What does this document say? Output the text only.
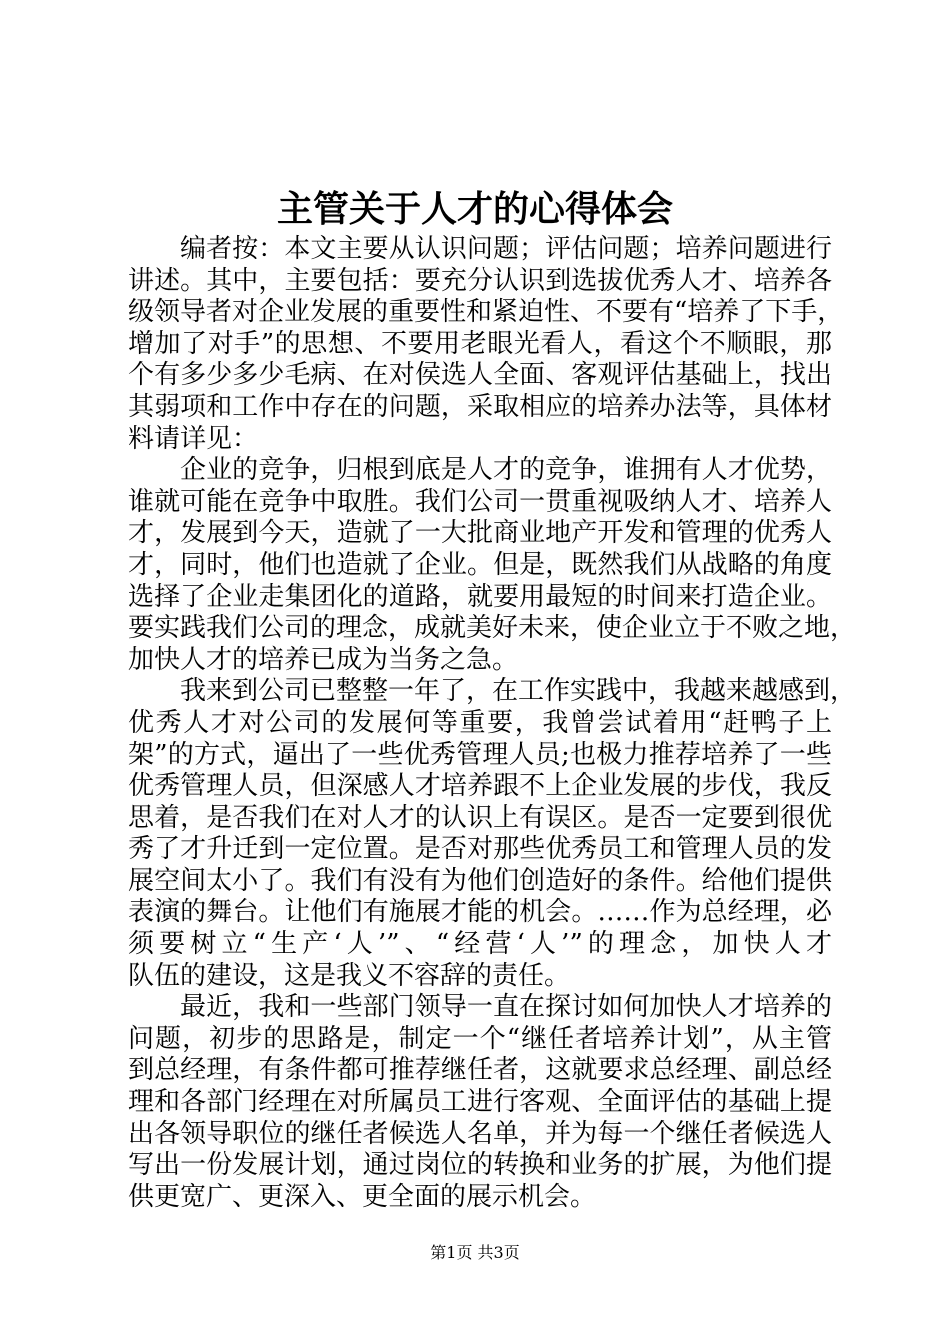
主管关于人才的心得体会
编者按：本文主要从认识问题；评估问题；培养问题进行
讲述。其中，主要包括：要充分认识到选拔优秀人才、培养各
级领导者对企业发展的重要性和紧迫性、不要有“培养了下手，
增加了对手”的思想、不要用老眼光看人，看这个不顺眼，那
个有多少多少毛病、在对侯选人全面、客观评估基础上，找出
其弱项和工作中存在的问题，采取相应的培养办法等，具体材
料请详见：
企业的竞争，归根到底是人才的竞争，谁拥有人才优势，
谁就可能在竞争中取胜。我们公司一贯重视吸纳人才、培养人
才，发展到今天，造就了一大批商业地产开发和管理的优秀人
才，同时，他们也造就了企业。但是，既然我们从战略的角度
选择了企业走集团化的道路，就要用最短的时间来打造企业。
要实践我们公司的理念，成就美好未来，使企业立于不败之地，
加快人才的培养已成为当务之急。
我来到公司已整整一年了，在工作实践中，我越来越感到，
优秀人才对公司的发展何等重要，我曾尝试着用“赶鸭子上
架”的方式，逼出了一些优秀管理人员;也极力推荐培养了一些
优秀管理人员，但深感人才培养跟不上企业发展的步伐，我反
思着，是否我们在对人才的认识上有误区。是否一定要到很优
秀了才升迁到一定位置。是否对那些优秀员工和管理人员的发
展空间太小了。我们有没有为他们创造好的条件。给他们提供
表演的舞台。让他们有施展才能的机会。……作为总经理，必
须要树立“生产‘人’”、“经营‘人’”的理念，加快人才
队伍的建设，这是我义不容辞的责任。
最近，我和一些部门领导一直在探讨如何加快人才培养的
问题，初步的思路是，制定一个“继任者培养计划”，从主管
到总经理，有条件都可推荐继任者，这就要求总经理、副总经
理和各部门经理在对所属员工进行客观、全面评估的基础上提
出各领导职位的继任者候选人名单，并为每一个继任者候选人
写出一份发展计划，通过岗位的转换和业务的扩展，为他们提
供更宽广、更深入、更全面的展示机会。
第1页 共3页
